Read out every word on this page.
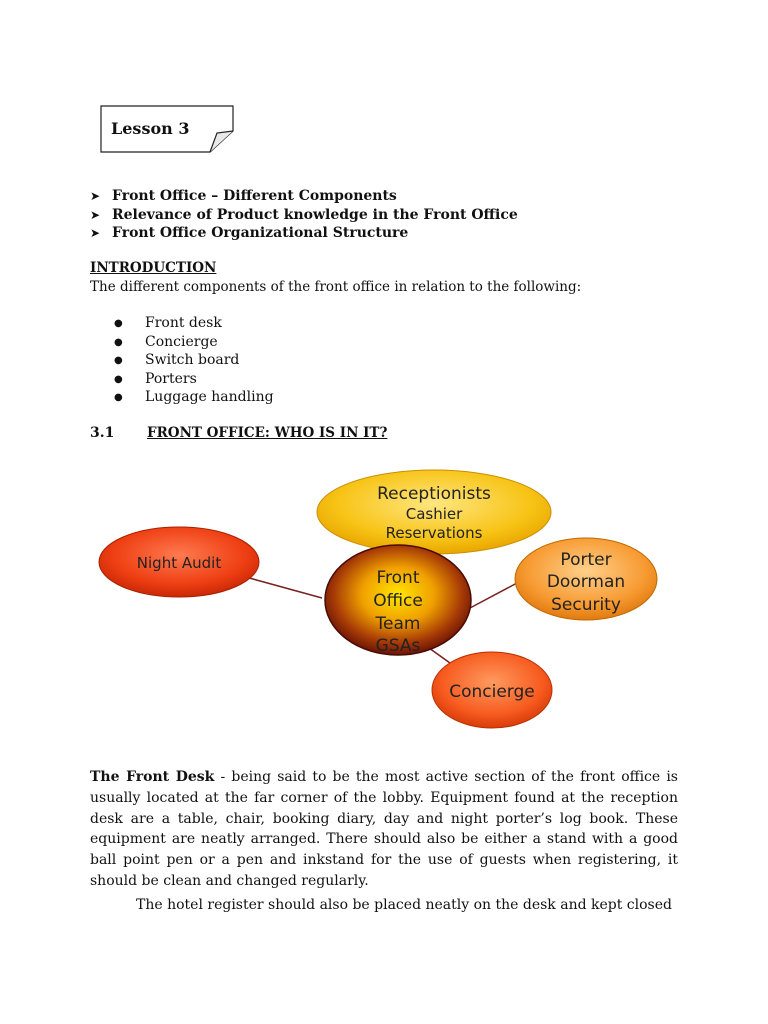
Lesson 3
➤ Front Office – Different Components
➤ Relevance of Product knowledge in the Front Office
➤ Front Office Organizational Structure
INTRODUCTION
The different components of the front office in relation to the following:
● Front desk
● Concierge
● Switch board
● Porters
● Luggage handling
3.1 FRONT OFFICE: WHO IS IN IT?
Receptionists
Cashier
Reservations
Night Audit	Porter
Doorman
Security
Concierge
Front
Office
Team
GSAs
The Front Desk - being said to be the most active section of the front office is usually located at the far corner of the lobby. Equipment found at the reception desk are a table, chair, booking diary, day and night porter’s log book. These equipment are neatly arranged. There should also be either a stand with a good ball point pen or a pen and inkstand for the use of guests when registering, it should be clean and changed regularly.
The hotel register should also be placed neatly on the desk and kept closed
